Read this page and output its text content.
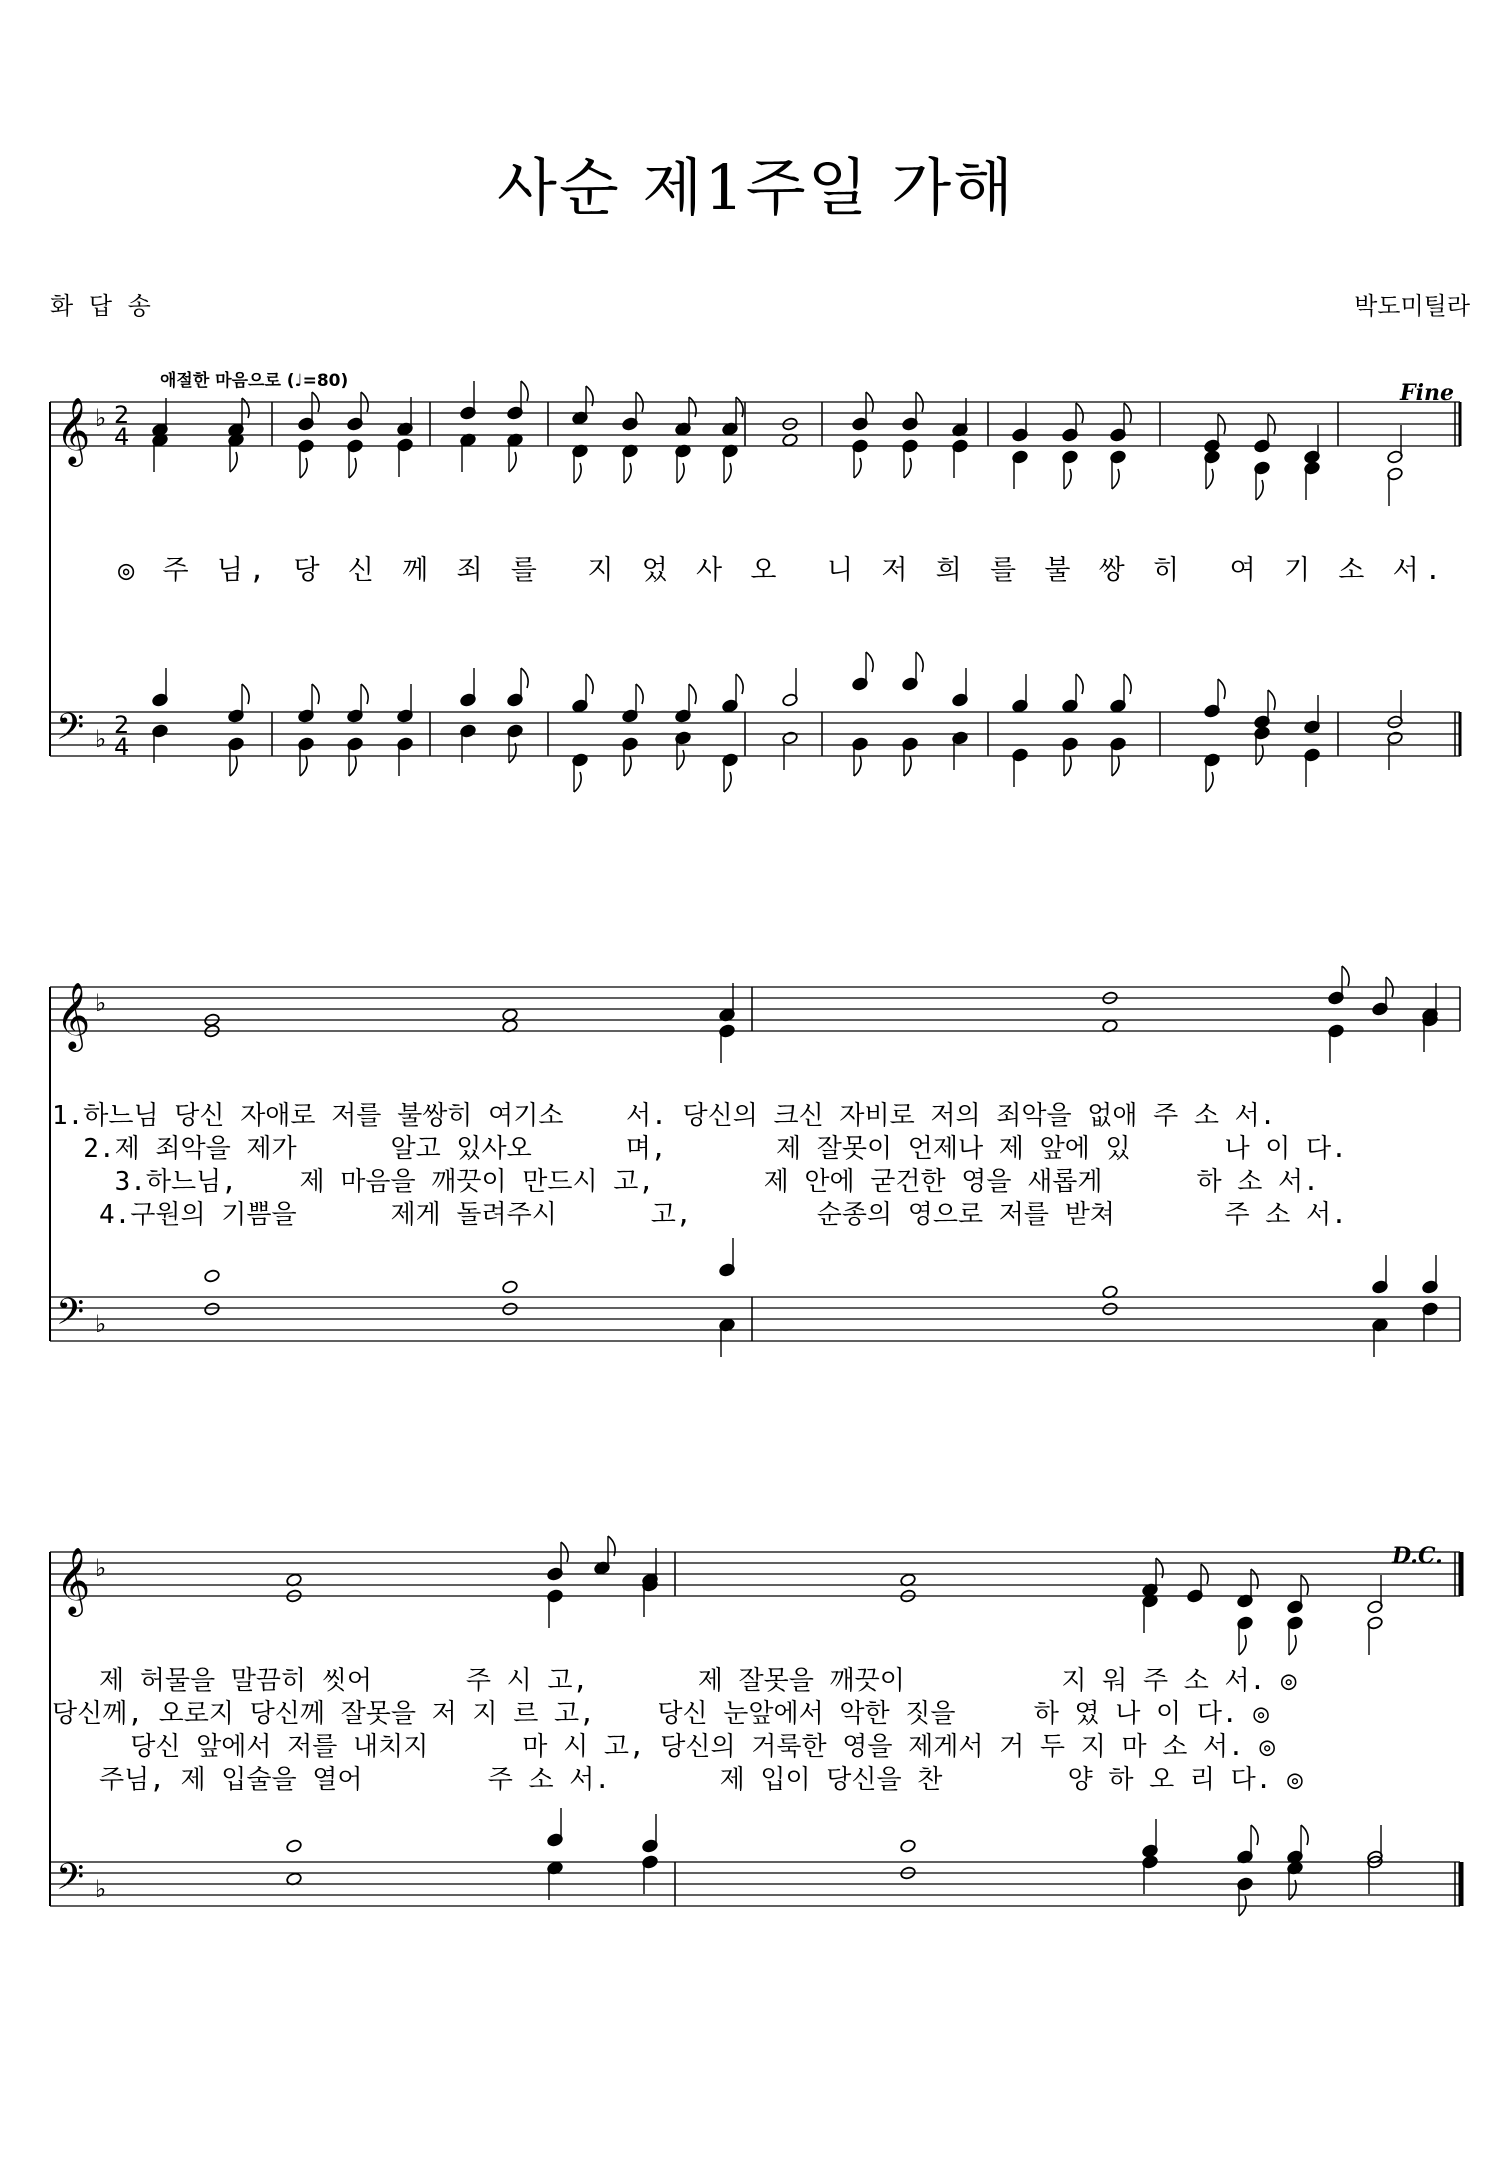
사순 제1주일 가해
화 답 송	박도미틸라
애절한 마음으로 (♩=80)	Fine
D.C.
◎ 주 님, 당 신 께 죄 를  지 었 사 오  니 저 희 를 불 쌍 히  여 기 소 서.
1.하느님 당신 자애로 저를 불쌍히 여기소    서. 당신의 크신 자비로 저의 죄악을 없애 주 소 서.
2.제 죄악을 제가      알고 있사오      며,       제 잘못이 언제나 제 앞에 있      나 이 다.
3.하느님,    제 마음을 깨끗이 만드시 고,       제 안에 굳건한 영을 새롭게      하 소 서.
4.구원의 기쁨을      제게 돌려주시      고,        순종의 영으로 저를 받쳐       주 소 서.
제 허물을 말끔히 씻어      주 시 고,       제 잘못을 깨끗이          지 워 주 소 서. ◎
당신께, 오로지 당신께 잘못을 저 지 르 고,    당신 눈앞에서 악한 짓을     하 였 나 이 다. ◎
당신 앞에서 저를 내치지      마 시 고, 당신의 거룩한 영을 제게서 거 두 지 마 소 서. ◎
주님, 제 입술을 열어        주 소 서.       제 입이 당신을 찬        양 하 오 리 다. ◎
𝄞
𝄢
♭
♭
2
4
2
4
𝄞
𝄢
♭
♭
𝄞
𝄢
♭
♭
